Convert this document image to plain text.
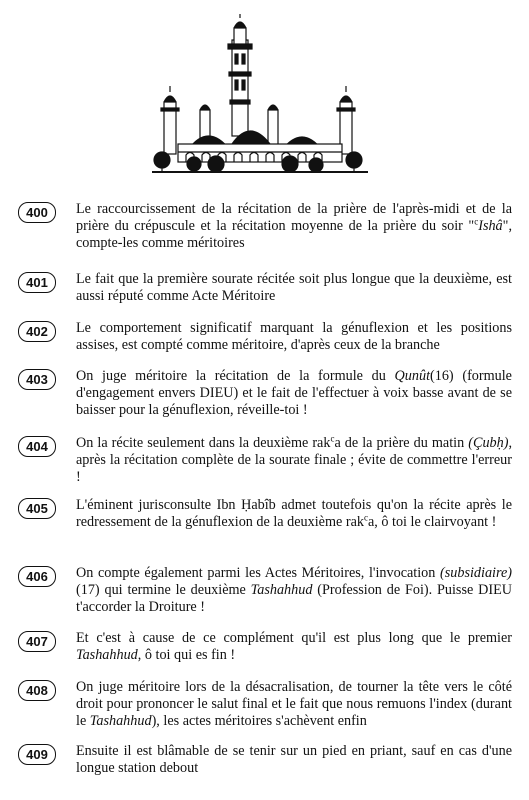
400	Le raccourcissement de la récitation de la prière de l'après-midi et de la prière du crépuscule et la récitation moyenne de la prière du soir "$^c$Ishâ", compte-les comme méritoires
401	Le fait que la première sourate récitée soit plus longue que la deuxième, est aussi réputé comme Acte Méritoire
402	Le comportement significatif marquant la génuflexion et les positions assises, est compté comme méritoire, d'après ceux de la branche
403	On juge méritoire la récitation de la formule du Qunût(16) (formule d'engagement envers DIEU) et le fait de l'effectuer à voix basse avant de se baisser pour la génuflexion, réveille-toi !
404	On la récite seulement dans la deuxième rak$^c$a de la prière du matin (Çubḥ), après la récitation complète de la sourate finale ; évite de commettre l'erreur !
405	L'éminent jurisconsulte Ibn Ḥabîb admet toutefois qu'on la récite après le redressement de la génuflexion de la deuxième rak$^c$a, ô toi le clairvoyant !
406	On compte également parmi les Actes Méritoires, l'invocation (subsidiaire)(17) qui termine le deuxième Tashahhud (Profession de Foi). Puisse DIEU t'accorder la Droiture !
407	Et c'est à cause de ce complément qu'il est plus long que le premier Tashahhud, ô toi qui es fin !
408	On juge méritoire lors de la désacralisation, de tourner la tête vers le côté droit pour prononcer le salut final et le fait que nous remuons l'index (durant le Tashahhud), les actes méritoires s'achèvent enfin
409	Ensuite il est blâmable de se tenir sur un pied en priant, sauf en cas d'une longue station debout
